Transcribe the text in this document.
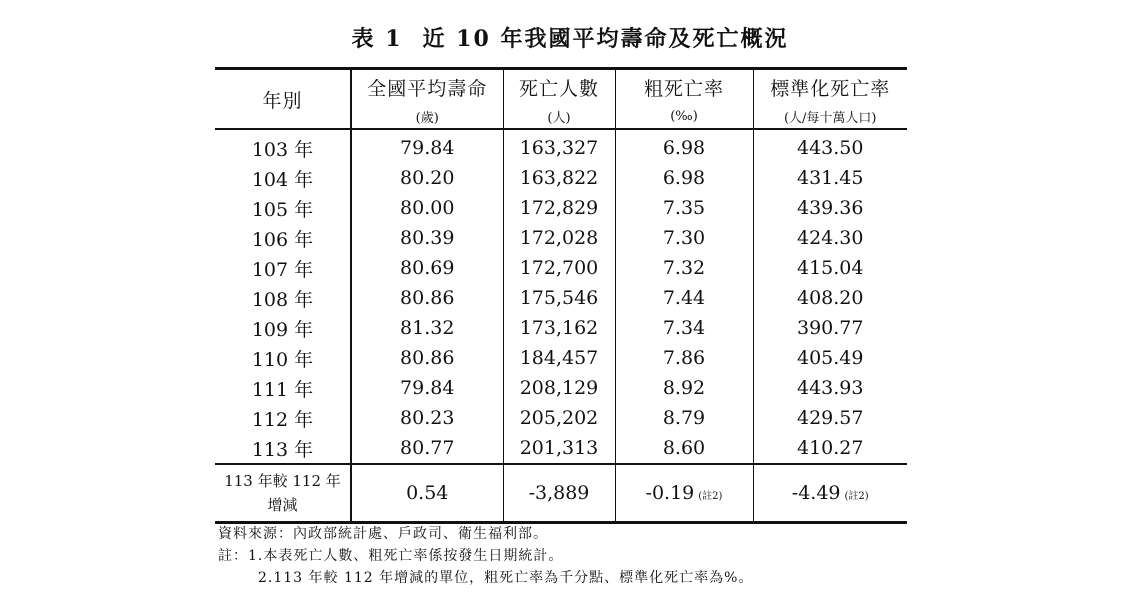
表 1 近 10 年我國平均壽命及死亡概況
年別	全國平均壽命	死亡人數	粗死亡率	標準化死亡率
	(歲)	(人)	(‰)	(人/每十萬人口)
103 年	79.84	163,327	6.98	443.50
104 年	80.20	163,822	6.98	431.45
105 年	80.00	172,829	7.35	439.36
106 年	80.39	172,028	7.30	424.30
107 年	80.69	172,700	7.32	415.04
108 年	80.86	175,546	7.44	408.20
109 年	81.32	173,162	7.34	390.77
110 年	80.86	184,457	7.86	405.49
111 年	79.84	208,129	8.92	443.93
112 年	80.23	205,202	8.79	429.57
113 年	80.77	201,313	8.60	410.27

113 年較 112 年
增減	0.54	-3,889	-0.19 (註2)	-4.49 (註2)
資料來源：內政部統計處、戶政司、衛生福利部。
註：1.本表死亡人數、粗死亡率係按發生日期統計。
2.113 年較 112 年增減的單位，粗死亡率為千分點、標準化死亡率為%。
